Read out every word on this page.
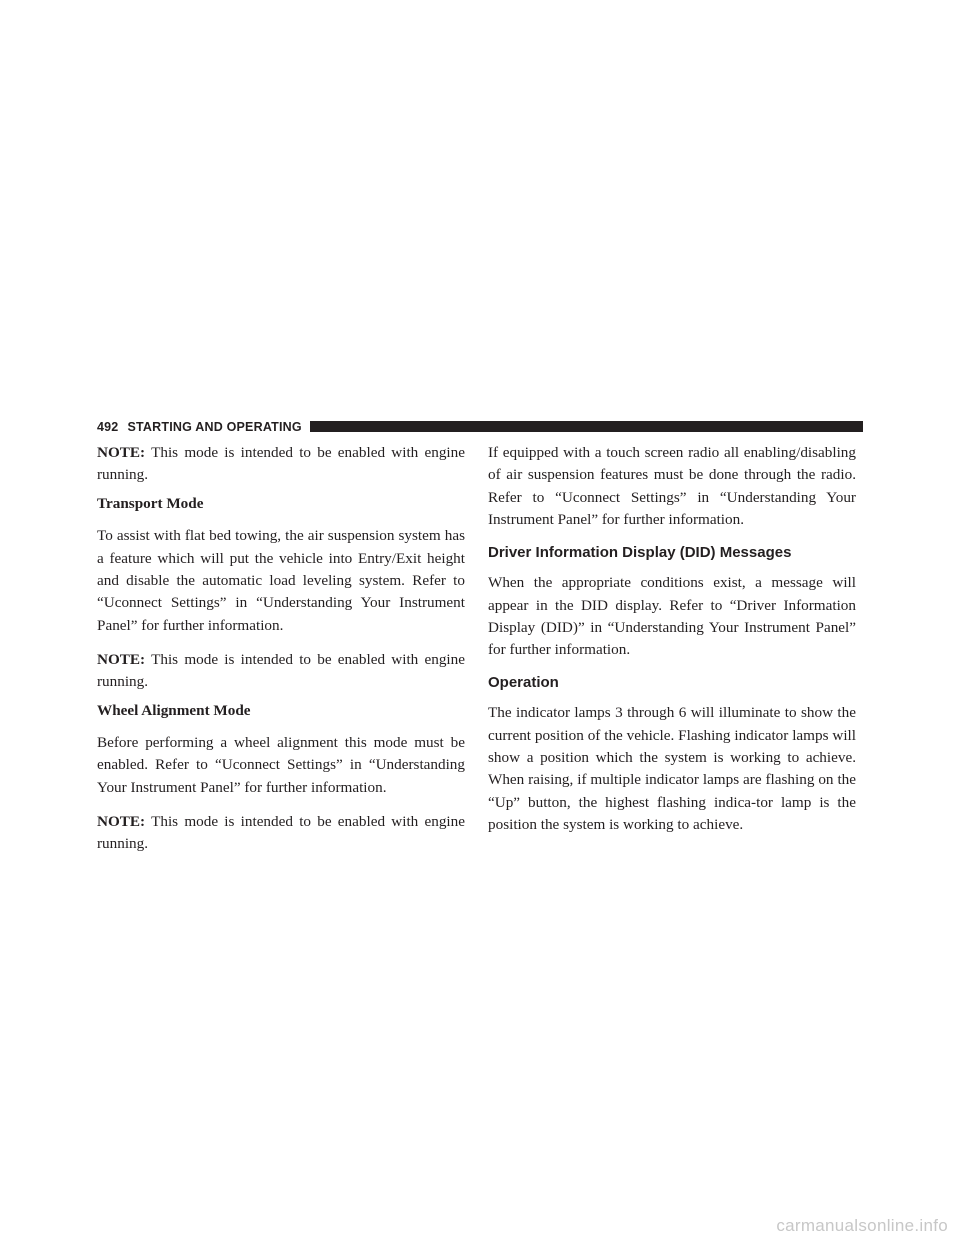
492 STARTING AND OPERATING

NOTE: This mode is intended to be enabled with engine running.

Transport Mode

To assist with flat bed towing, the air suspension system has a feature which will put the vehicle into Entry/Exit height and disable the automatic load leveling system. Refer to “Uconnect Settings” in “Understanding Your Instrument Panel” for further information.

NOTE: This mode is intended to be enabled with engine running.

Wheel Alignment Mode

Before performing a wheel alignment this mode must be enabled. Refer to “Uconnect Settings” in “Understanding Your Instrument Panel” for further information.

NOTE: This mode is intended to be enabled with engine running.

If equipped with a touch screen radio all enabling/disabling of air suspension features must be done through the radio. Refer to “Uconnect Settings” in “Understanding Your Instrument Panel” for further information.

Driver Information Display (DID) Messages

When the appropriate conditions exist, a message will appear in the DID display. Refer to “Driver Information Display (DID)” in “Understanding Your Instrument Panel” for further information.

Operation

The indicator lamps 3 through 6 will illuminate to show the current position of the vehicle. Flashing indicator lamps will show a position which the system is working to achieve. When raising, if multiple indicator lamps are flashing on the “Up” button, the highest flashing indica-tor lamp is the position the system is working to achieve.

carmanualsonline.info
